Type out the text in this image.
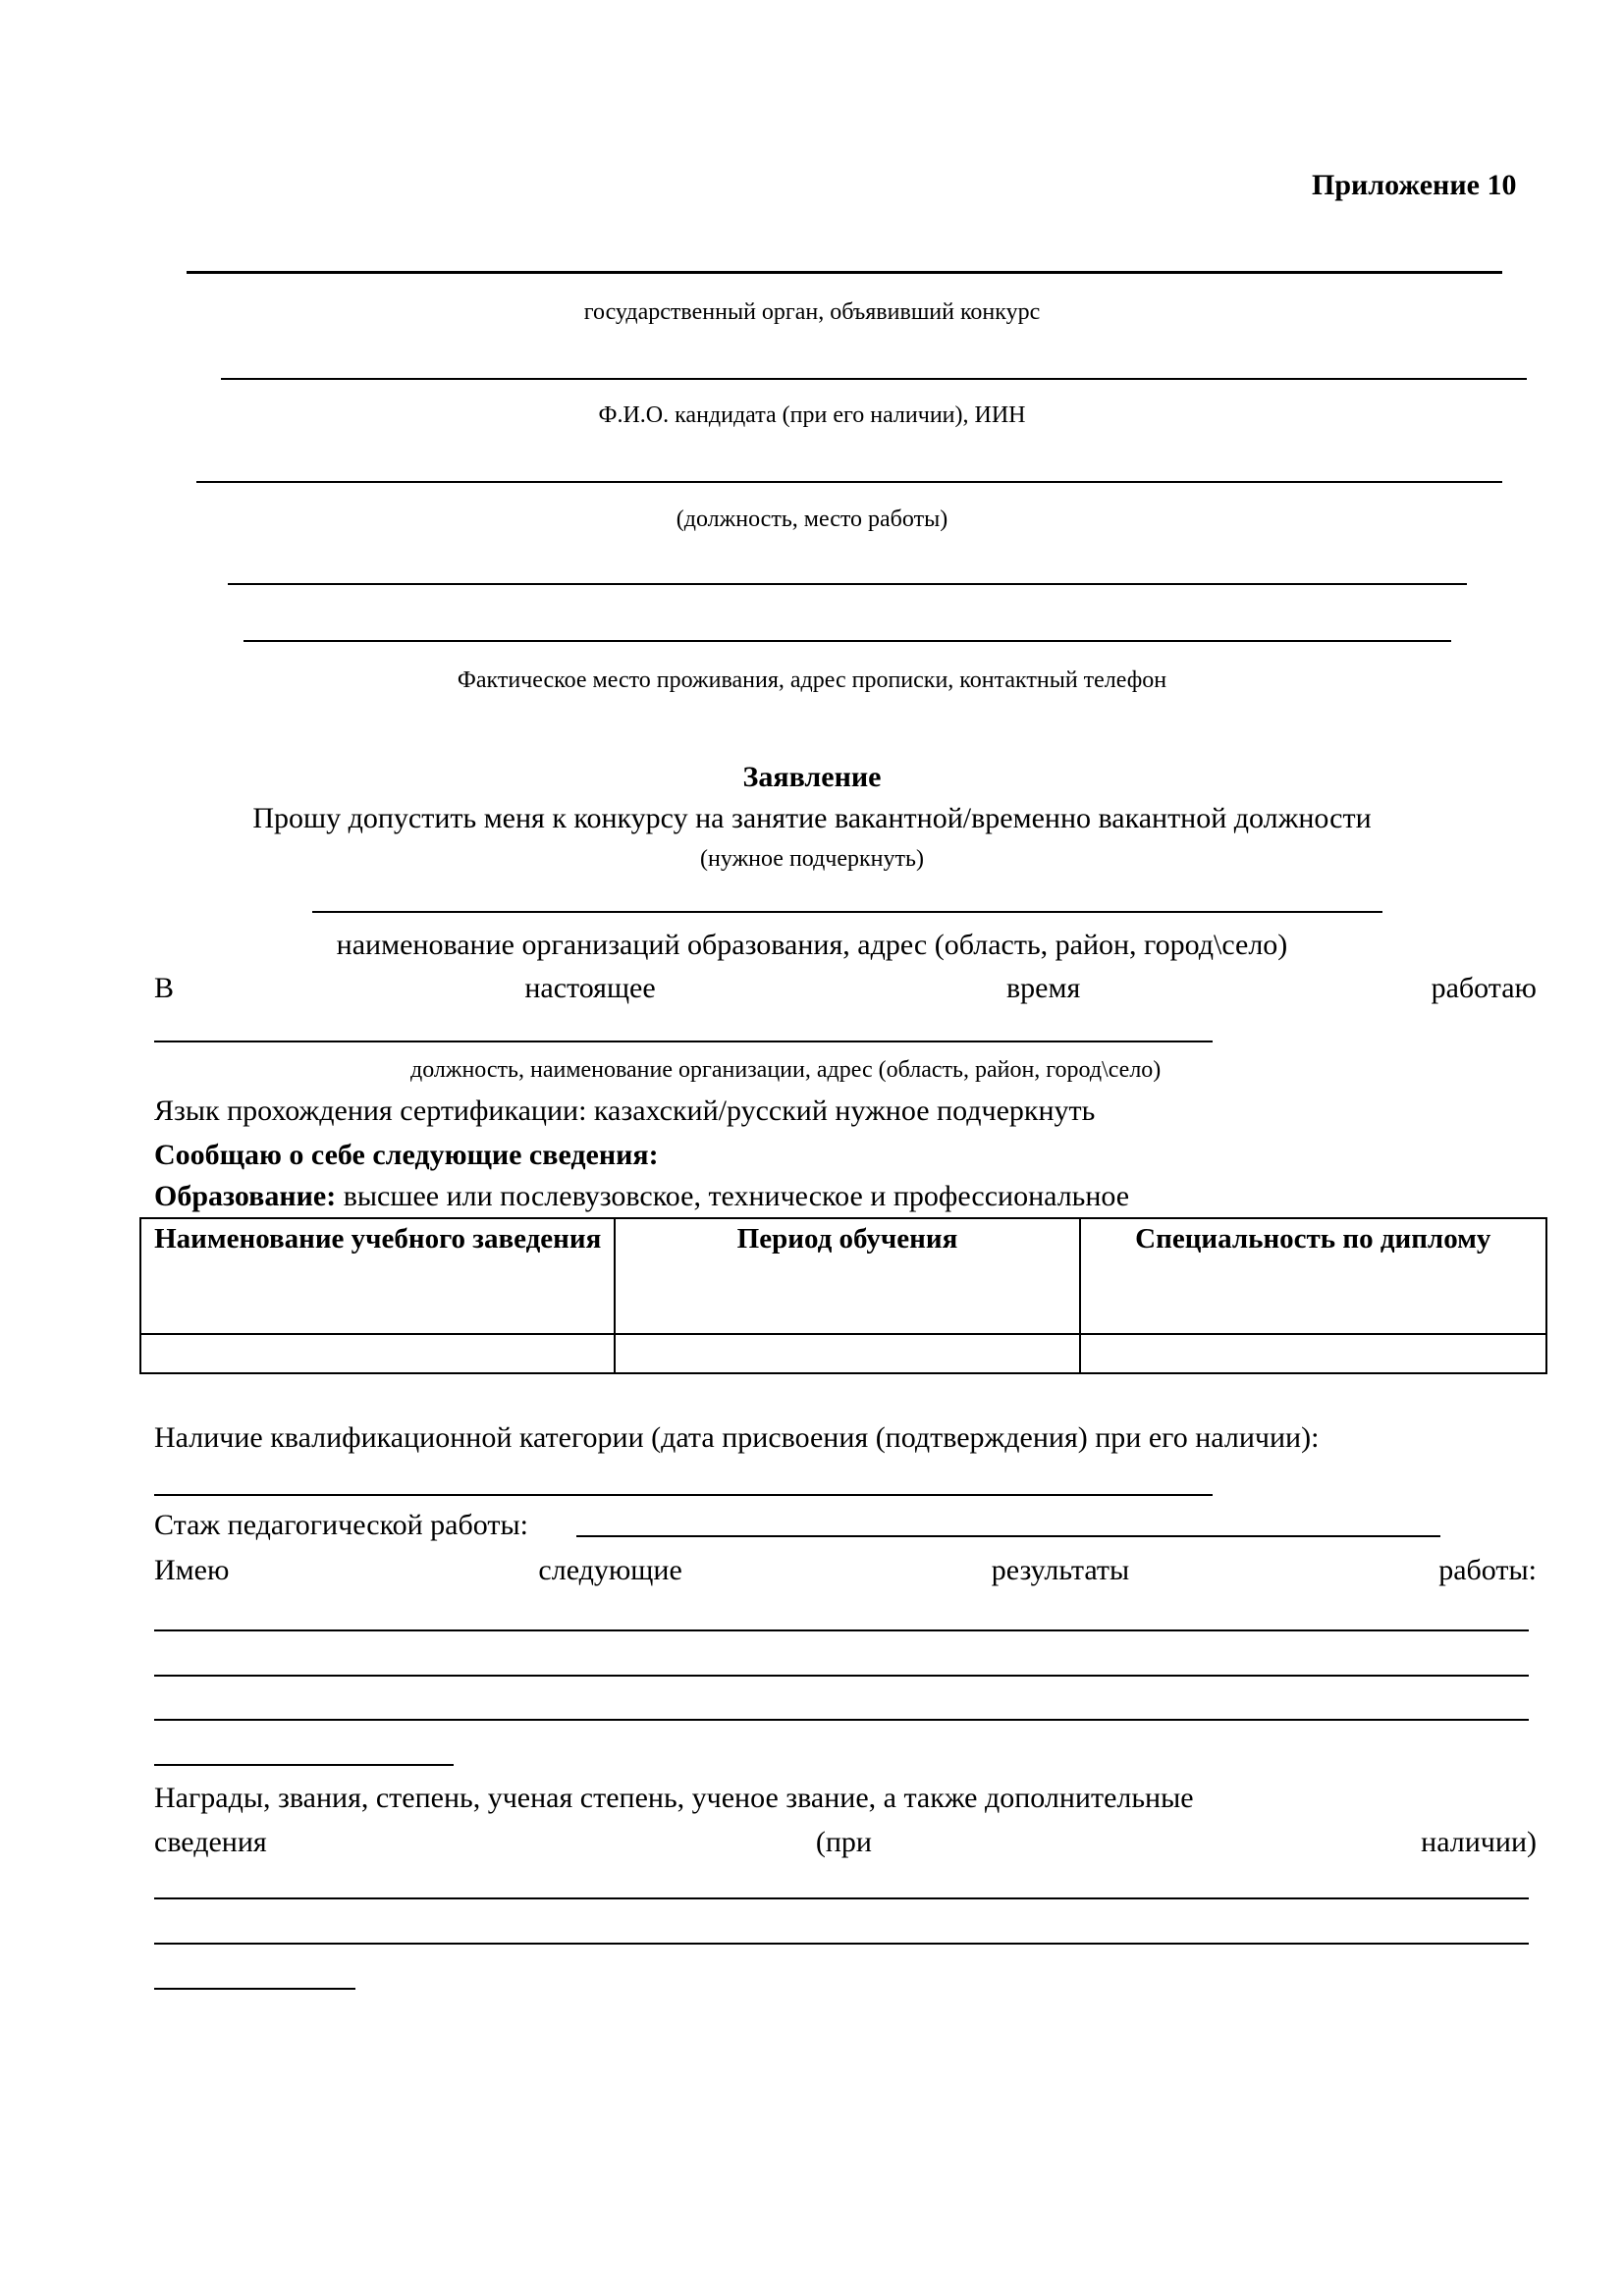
Приложение 10
государственный орган, объявивший конкурс
Ф.И.О. кандидата (при его наличии), ИИН
(должность, место работы)
Фактическое место проживания, адрес прописки, контактный телефон
Заявление
Прошу допустить меня к конкурсу на занятие вакантной/временно вакантной должности
(нужное подчеркнуть)
наименование организаций образования, адрес (область, район, город\село)
В	настоящее	время	работаю
должность, наименование организации, адрес (область, район, город\село)
Язык прохождения сертификации: казахский/русский нужное подчеркнуть
Сообщаю о себе следующие сведения:
Образование: высшее или послевузовское, техническое и профессиональное
Наименование учебного заведения	Период обучения	Специальность по диплому

Наличие квалификационной категории (дата присвоения (подтверждения) при его наличии):
Стаж педагогической работы:
Имею	следующие	результаты	работы:
Награды, звания, степень, ученая степень, ученое звание, а также дополнительные
сведения	(при	наличии)
